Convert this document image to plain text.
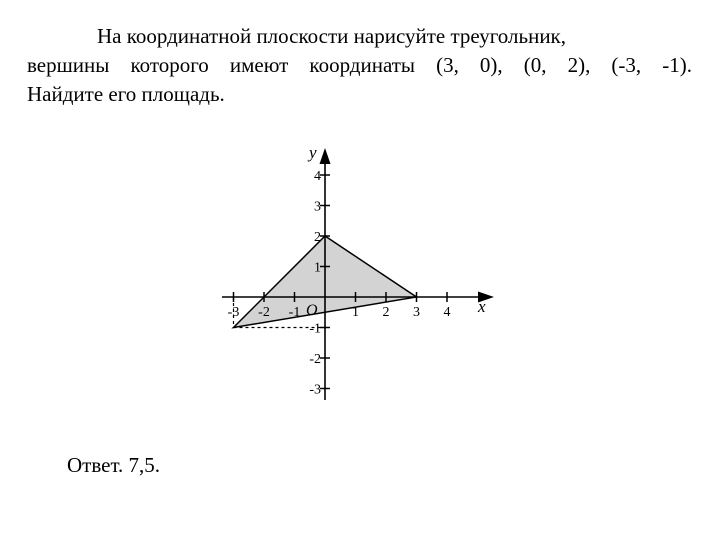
На координатной плоскости нарисуйте треугольник,
вершины которого имеют координаты (3, 0), (0, 2), (-3, -1).
Найдите его площадь.
-3 -2 -1	1 2 3 4
-3
-2
-1
1
2
3
4
x
y
O
Ответ. 7,5.
